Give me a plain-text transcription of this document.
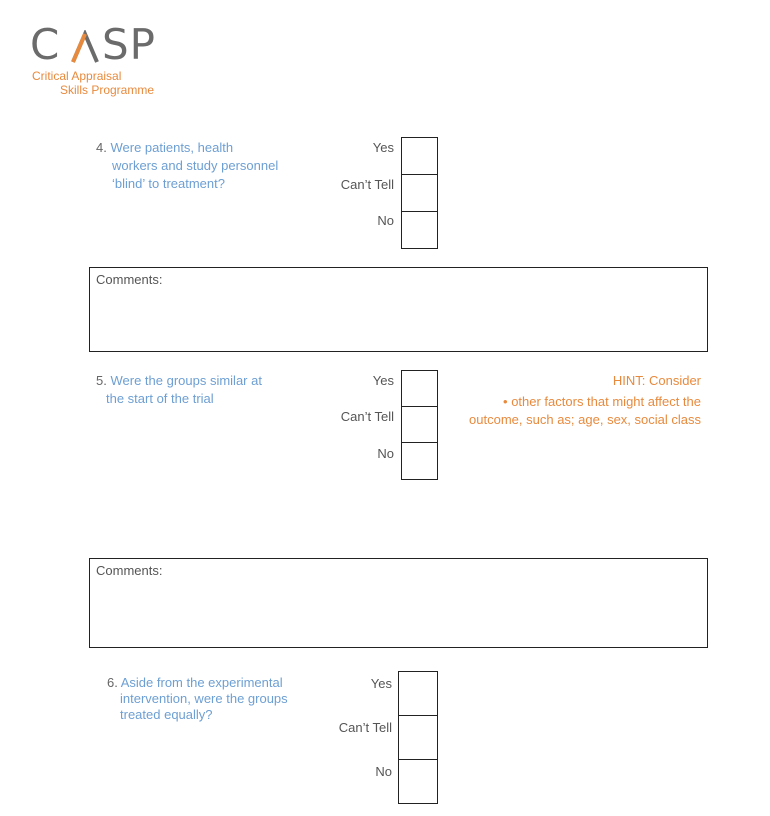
C SP
Critical Appraisal
Skills Programme
4. Were patients, health
workers and study personnel
‘blind’ to treatment?
Yes
Can’t Tell
No
Comments:
5. Were the groups similar at
the start of the trial
Yes
Can’t Tell
No
HINT: Consider
• other factors that might affect the
outcome, such as; age, sex, social class
Comments:
6. Aside from the experimental
intervention, were the groups
treated equally?
Yes
Can’t Tell
No
